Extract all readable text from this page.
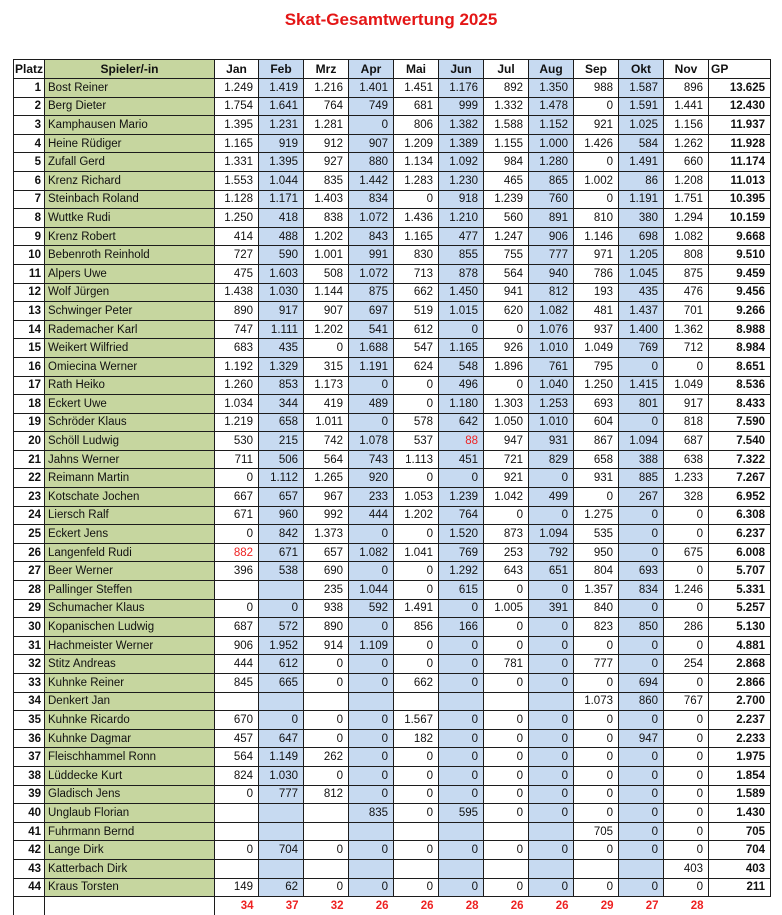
Skat-Gesamtwertung 2025
Platz	Spieler/-in	Jan	Feb	Mrz	Apr	Mai	Jun	Jul	Aug	Sep	Okt	Nov	GP
1	Bost Reiner	1.249	1.419	1.216	1.401	1.451	1.176	892	1.350	988	1.587	896	13.625
2	Berg Dieter	1.754	1.641	764	749	681	999	1.332	1.478	0	1.591	1.441	12.430
3	Kamphausen Mario	1.395	1.231	1.281	0	806	1.382	1.588	1.152	921	1.025	1.156	11.937
4	Heine Rüdiger	1.165	919	912	907	1.209	1.389	1.155	1.000	1.426	584	1.262	11.928
5	Zufall Gerd	1.331	1.395	927	880	1.134	1.092	984	1.280	0	1.491	660	11.174
6	Krenz Richard	1.553	1.044	835	1.442	1.283	1.230	465	865	1.002	86	1.208	11.013
7	Steinbach Roland	1.128	1.171	1.403	834	0	918	1.239	760	0	1.191	1.751	10.395
8	Wuttke Rudi	1.250	418	838	1.072	1.436	1.210	560	891	810	380	1.294	10.159
9	Krenz Robert	414	488	1.202	843	1.165	477	1.247	906	1.146	698	1.082	9.668
10	Bebenroth Reinhold	727	590	1.001	991	830	855	755	777	971	1.205	808	9.510
11	Alpers Uwe	475	1.603	508	1.072	713	878	564	940	786	1.045	875	9.459
12	Wolf Jürgen	1.438	1.030	1.144	875	662	1.450	941	812	193	435	476	9.456
13	Schwinger Peter	890	917	907	697	519	1.015	620	1.082	481	1.437	701	9.266
14	Rademacher Karl	747	1.111	1.202	541	612	0	0	1.076	937	1.400	1.362	8.988
15	Weikert Wilfried	683	435	0	1.688	547	1.165	926	1.010	1.049	769	712	8.984
16	Omiecina Werner	1.192	1.329	315	1.191	624	548	1.896	761	795	0	0	8.651
17	Rath Heiko	1.260	853	1.173	0	0	496	0	1.040	1.250	1.415	1.049	8.536
18	Eckert Uwe	1.034	344	419	489	0	1.180	1.303	1.253	693	801	917	8.433
19	Schröder Klaus	1.219	658	1.011	0	578	642	1.050	1.010	604	0	818	7.590
20	Schöll Ludwig	530	215	742	1.078	537	88	947	931	867	1.094	687	7.540
21	Jahns Werner	711	506	564	743	1.113	451	721	829	658	388	638	7.322
22	Reimann Martin	0	1.112	1.265	920	0	0	921	0	931	885	1.233	7.267
23	Kotschate Jochen	667	657	967	233	1.053	1.239	1.042	499	0	267	328	6.952
24	Liersch Ralf	671	960	992	444	1.202	764	0	0	1.275	0	0	6.308
25	Eckert Jens	0	842	1.373	0	0	1.520	873	1.094	535	0	0	6.237
26	Langenfeld Rudi	882	671	657	1.082	1.041	769	253	792	950	0	675	6.008
27	Beer Werner	396	538	690	0	0	1.292	643	651	804	693	0	5.707
28	Pallinger Steffen			235	1.044	0	615	0	0	1.357	834	1.246	5.331
29	Schumacher Klaus	0	0	938	592	1.491	0	1.005	391	840	0	0	5.257
30	Kopanischen Ludwig	687	572	890	0	856	166	0	0	823	850	286	5.130
31	Hachmeister Werner	906	1.952	914	1.109	0	0	0	0	0	0	0	4.881
32	Stitz Andreas	444	612	0	0	0	0	781	0	777	0	254	2.868
33	Kuhnke Reiner	845	665	0	0	662	0	0	0	0	694	0	2.866
34	Denkert Jan									1.073	860	767	2.700
35	Kuhnke Ricardo	670	0	0	0	1.567	0	0	0	0	0	0	2.237
36	Kuhnke Dagmar	457	647	0	0	182	0	0	0	0	947	0	2.233
37	Fleischhammel Ronn	564	1.149	262	0	0	0	0	0	0	0	0	1.975
38	Lüddecke Kurt	824	1.030	0	0	0	0	0	0	0	0	0	1.854
39	Gladisch Jens	0	777	812	0	0	0	0	0	0	0	0	1.589
40	Unglaub Florian				835	0	595	0	0	0	0	0	1.430
41	Fuhrmann Bernd									705	0	0	705
42	Lange Dirk	0	704	0	0	0	0	0	0	0	0	0	704
43	Katterbach Dirk											403	403
44	Kraus Torsten	149	62	0	0	0	0	0	0	0	0	0	211
		34	37	32	26	26	28	26	26	29	27	28	
